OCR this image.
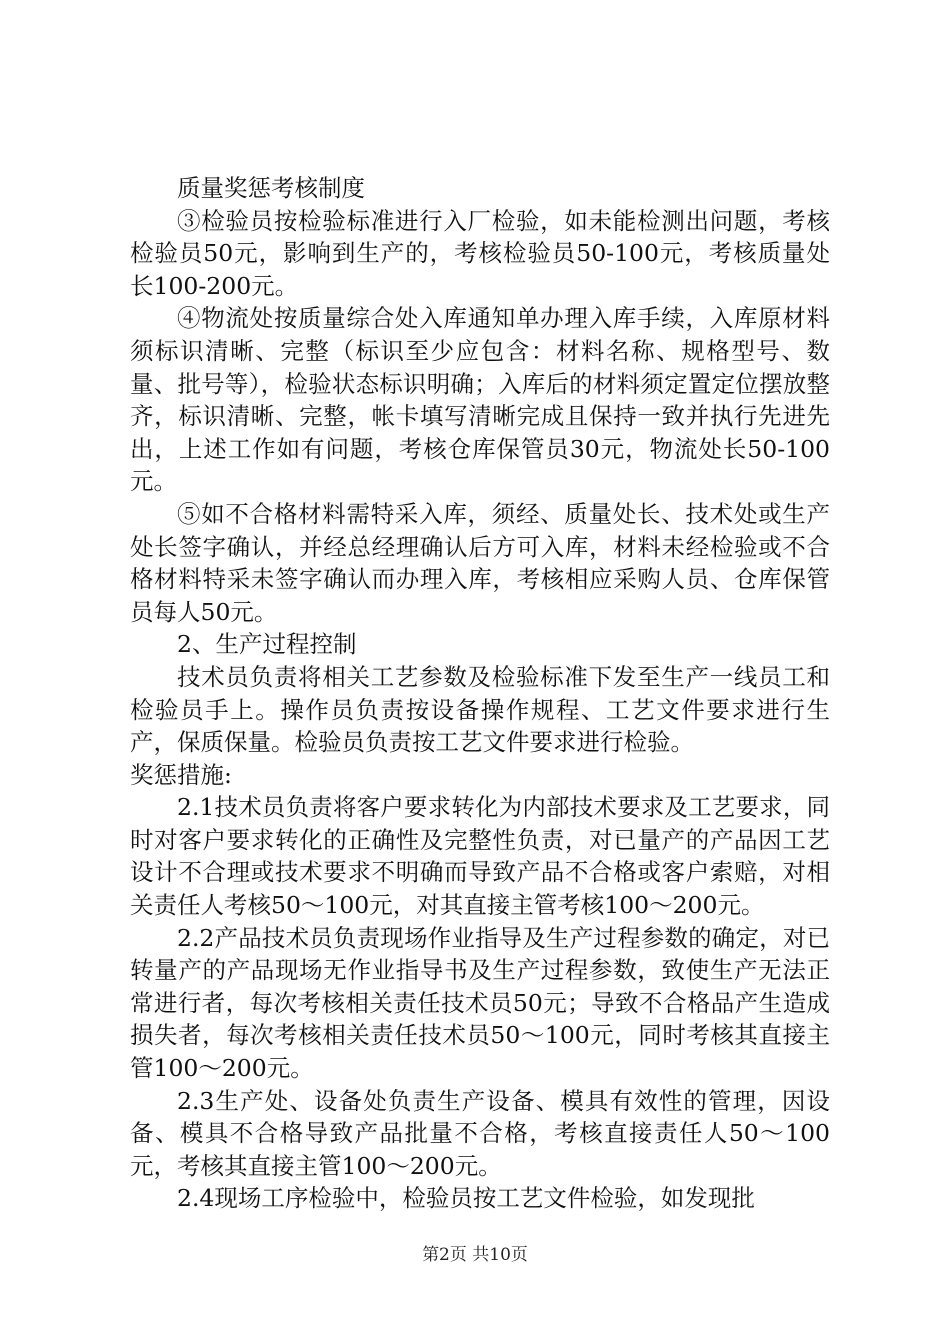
质量奖惩考核制度

③检验员按检验标准进行入厂检验，如未能检测出问题，考核检验员50元，影响到生产的，考核检验员50-100元，考核质量处长100-200元。

④物流处按质量综合处入库通知单办理入库手续，入库原材料须标识清晰、完整（标识至少应包含：材料名称、规格型号、数量、批号等），检验状态标识明确；入库后的材料须定置定位摆放整齐，标识清晰、完整，帐卡填写清晰完成且保持一致并执行先进先出，上述工作如有问题，考核仓库保管员30元，物流处长50-100元。

⑤如不合格材料需特采入库，须经、质量处长、技术处或生产处长签字确认，并经总经理确认后方可入库，材料未经检验或不合格材料特采未签字确认而办理入库，考核相应采购人员、仓库保管员每人50元。

2、生产过程控制

技术员负责将相关工艺参数及检验标准下发至生产一线员工和检验员手上。操作员负责按设备操作规程、工艺文件要求进行生产，保质保量。检验员负责按工艺文件要求进行检验。

奖惩措施:

2.1技术员负责将客户要求转化为内部技术要求及工艺要求，同时对客户要求转化的正确性及完整性负责，对已量产的产品因工艺设计不合理或技术要求不明确而导致产品不合格或客户索赔，对相关责任人考核50～100元，对其直接主管考核100～200元。

2.2产品技术员负责现场作业指导及生产过程参数的确定，对已转量产的产品现场无作业指导书及生产过程参数，致使生产无法正常进行者，每次考核相关责任技术员50元；导致不合格品产生造成损失者，每次考核相关责任技术员50～100元，同时考核其直接主管100～200元。

2.3生产处、设备处负责生产设备、模具有效性的管理，因设备、模具不合格导致产品批量不合格，考核直接责任人50～100元，考核其直接主管100～200元。

2.4现场工序检验中，检验员按工艺文件检验，如发现批

第2页 共10页
